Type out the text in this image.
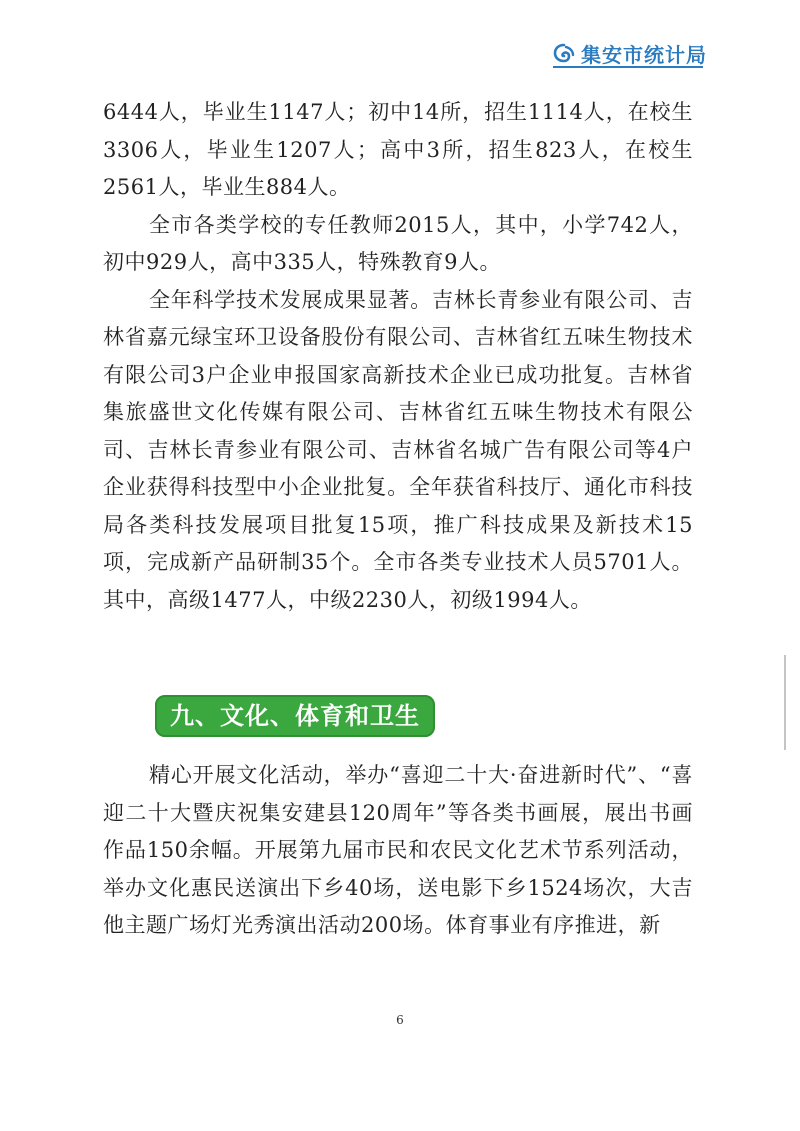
集安市统计局

6444人，毕业生1147人；初中14所，招生1114人，在校生3306人，毕业生1207人；高中3所，招生823人，在校生2561人，毕业生884人。

全市各类学校的专任教师2015人，其中，小学742人，初中929人，高中335人，特殊教育9人。

全年科学技术发展成果显著。吉林长青参业有限公司、吉林省嘉元绿宝环卫设备股份有限公司、吉林省红五味生物技术有限公司3户企业申报国家高新技术企业已成功批复。吉林省集旅盛世文化传媒有限公司、吉林省红五味生物技术有限公司、吉林长青参业有限公司、吉林省名城广告有限公司等4户企业获得科技型中小企业批复。全年获省科技厅、通化市科技局各类科技发展项目批复15项，推广科技成果及新技术15项，完成新产品研制35个。全市各类专业技术人员5701人。其中，高级1477人，中级2230人，初级1994人。

九、文化、体育和卫生

精心开展文化活动，举办“喜迎二十大·奋进新时代”、“喜迎二十大暨庆祝集安建县120周年”等各类书画展，展出书画作品150余幅。开展第九届市民和农民文化艺术节系列活动，举办文化惠民送演出下乡40场，送电影下乡1524场次，大吉他主题广场灯光秀演出活动200场。体育事业有序推进，新

6
